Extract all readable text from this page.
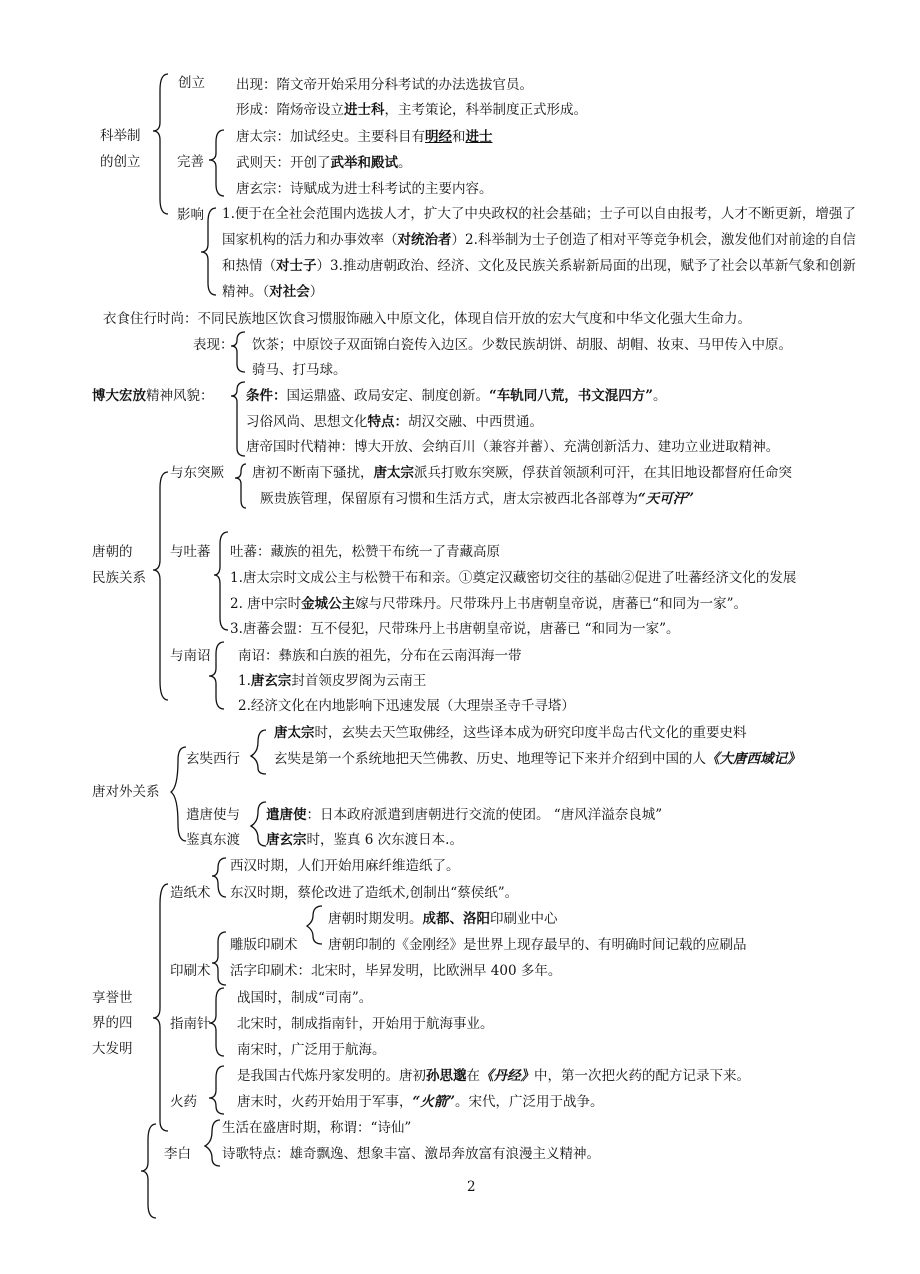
科举制
的创立
创立 出现：隋文帝开始采用分科考试的办法选拔官员。
形成：隋炀帝设立进士科，主考策论，科举制度正式形成。
完善
唐太宗：加试经史。主要科目有明经和进士
武则天：开创了武举和殿试。
唐玄宗：诗赋成为进士科考试的主要内容。
影响 1.便于在全社会范围内选拔人才，扩大了中央政权的社会基础；士子可以自由报考，人才不断更新，增强了国家机构的活力和办事效率（对统治者）2.科举制为士子创造了相对平等竞争机会，激发他们对前途的自信和热情（对士子）3.推动唐朝政治、经济、文化及民族关系崭新局面的出现，赋予了社会以革新气象和创新精神。（对社会）
衣食住行时尚：不同民族地区饮食习惯服饰融入中原文化，体现自信开放的宏大气度和中华文化强大生命力。
表现： 饮茶；中原饺子双面锦白瓷传入边区。少数民族胡饼、胡服、胡帽、妆束、马甲传入中原。
骑马、打马球。
博大宏放精神风貌： 条件：国运鼎盛、政局安定、制度创新。“车轨同八荒，书文混四方”。
习俗风尚、思想文化特点：胡汉交融、中西贯通。
唐帝国时代精神：博大开放、会纳百川（兼容并蓄）、充满创新活力、建功立业进取精神。
唐朝的
民族关系
与东突厥 唐初不断南下骚扰，唐太宗派兵打败东突厥，俘获首领颉利可汗，在其旧地设都督府任命突
厥贵族管理，保留原有习惯和生活方式，唐太宗被西北各部尊为“天可汗”
与吐蕃 吐蕃：藏族的祖先，松赞干布统一了青藏高原
1.唐太宗时文成公主与松赞干布和亲。①奠定汉藏密切交往的基础②促进了吐蕃经济文化的发展
2. 唐中宗时金城公主嫁与尺带珠丹。尺带珠丹上书唐朝皇帝说，唐蕃已“和同为一家”。
3.唐蕃会盟：互不侵犯，尺带珠丹上书唐朝皇帝说，唐蕃已 “和同为一家”。
与南诏 南诏：彝族和白族的祖先，分布在云南洱海一带
1.唐玄宗封首领皮罗阁为云南王
2.经济文化在内地影响下迅速发展（大理崇圣寺千寻塔）
唐对外关系
玄奘西行
唐太宗时，玄奘去天竺取佛经，这些译本成为研究印度半岛古代文化的重要史料
玄奘是第一个系统地把天竺佛教、历史、地理等记下来并介绍到中国的人《大唐西域记》
遣唐使与
鉴真东渡
遣唐使：日本政府派遣到唐朝进行交流的使团。 “唐风洋溢奈良城”
唐玄宗时，鉴真 6 次东渡日本.。
享誉世
界的四
大发明
造纸术
西汉时期，人们开始用麻纤维造纸了。
东汉时期，蔡伦改进了造纸术,创制出“蔡侯纸”。
印刷术
雕版印刷术
唐朝时期发明。成都、洛阳印刷业中心
唐朝印制的《金刚经》是世界上现存最早的、有明确时间记载的应刷品
活字印刷术：北宋时，毕昇发明，比欧洲早 400 多年。
指南针
战国时，制成“司南”。
北宋时，制成指南针，开始用于航海事业。
南宋时，广泛用于航海。
火药
是我国古代炼丹家发明的。唐初孙思邈在《丹经》中，第一次把火药的配方记录下来。
唐末时，火药开始用于军事，“火箭”。宋代，广泛用于战争。
李白
生活在盛唐时期，称谓：“诗仙”
诗歌特点：雄奇飘逸、想象丰富、激昂奔放富有浪漫主义精神。
2
